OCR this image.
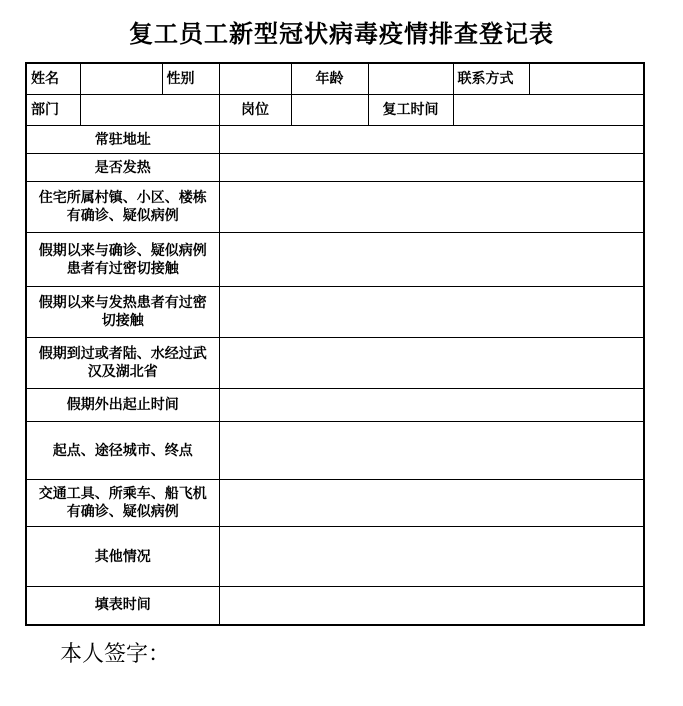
复工员工新型冠状病毒疫情排查登记表
姓名		性别		年龄		联系方式	
部门			岗位		复工时间		

常驻地址							

是否发热							

住宅所属村镇、小区、楼栋
有确诊、疑似病例							

假期以来与确诊、疑似病例
患者有过密切接触							

假期以来与发热患者有过密
切接触							

假期到过或者陆、水经过武
汉及湖北省							

假期外出起止时间							

起点、途径城市、终点							

交通工具、所乘车、船飞机
有确诊、疑似病例							

其他情况							

填表时间							

本人签字：
